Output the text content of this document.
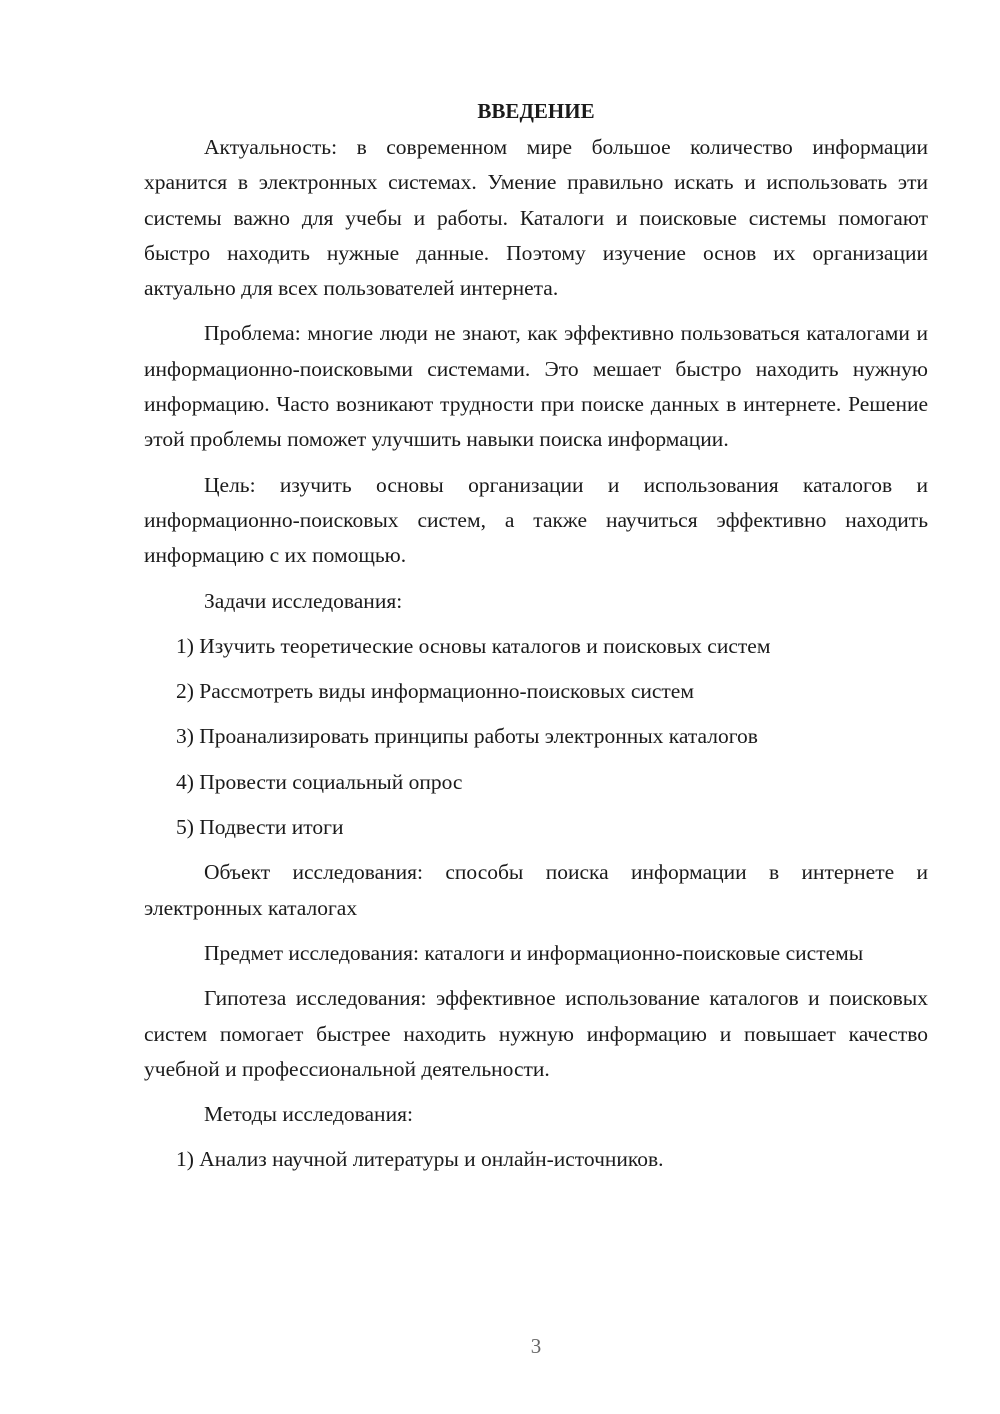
ВВЕДЕНИЕ

Актуальность: в современном мире большое количество информации хранится в электронных системах. Умение правильно искать и использовать эти системы важно для учебы и работы. Каталоги и поисковые системы помогают быстро находить нужные данные. Поэтому изучение основ их организации актуально для всех пользователей интернета.

Проблема: многие люди не знают, как эффективно пользоваться каталогами и информационно-поисковыми системами. Это мешает быстро находить нужную информацию. Часто возникают трудности при поиске данных в интернете. Решение этой проблемы поможет улучшить навыки поиска информации.

Цель: изучить основы организации и использования каталогов и информационно-поисковых систем, а также научиться эффективно находить информацию с их помощью.

Задачи исследования:

1) Изучить теоретические основы каталогов и поисковых систем

2) Рассмотреть виды информационно-поисковых систем

3) Проанализировать принципы работы электронных каталогов

4) Провести социальный опрос

5) Подвести итоги

Объект исследования: способы поиска информации в интернете и электронных каталогах

Предмет исследования: каталоги и информационно-поисковые системы

Гипотеза исследования: эффективное использование каталогов и поисковых систем помогает быстрее находить нужную информацию и повышает качество учебной и профессиональной деятельности.

Методы исследования:

1) Анализ научной литературы и онлайн-источников.

3
